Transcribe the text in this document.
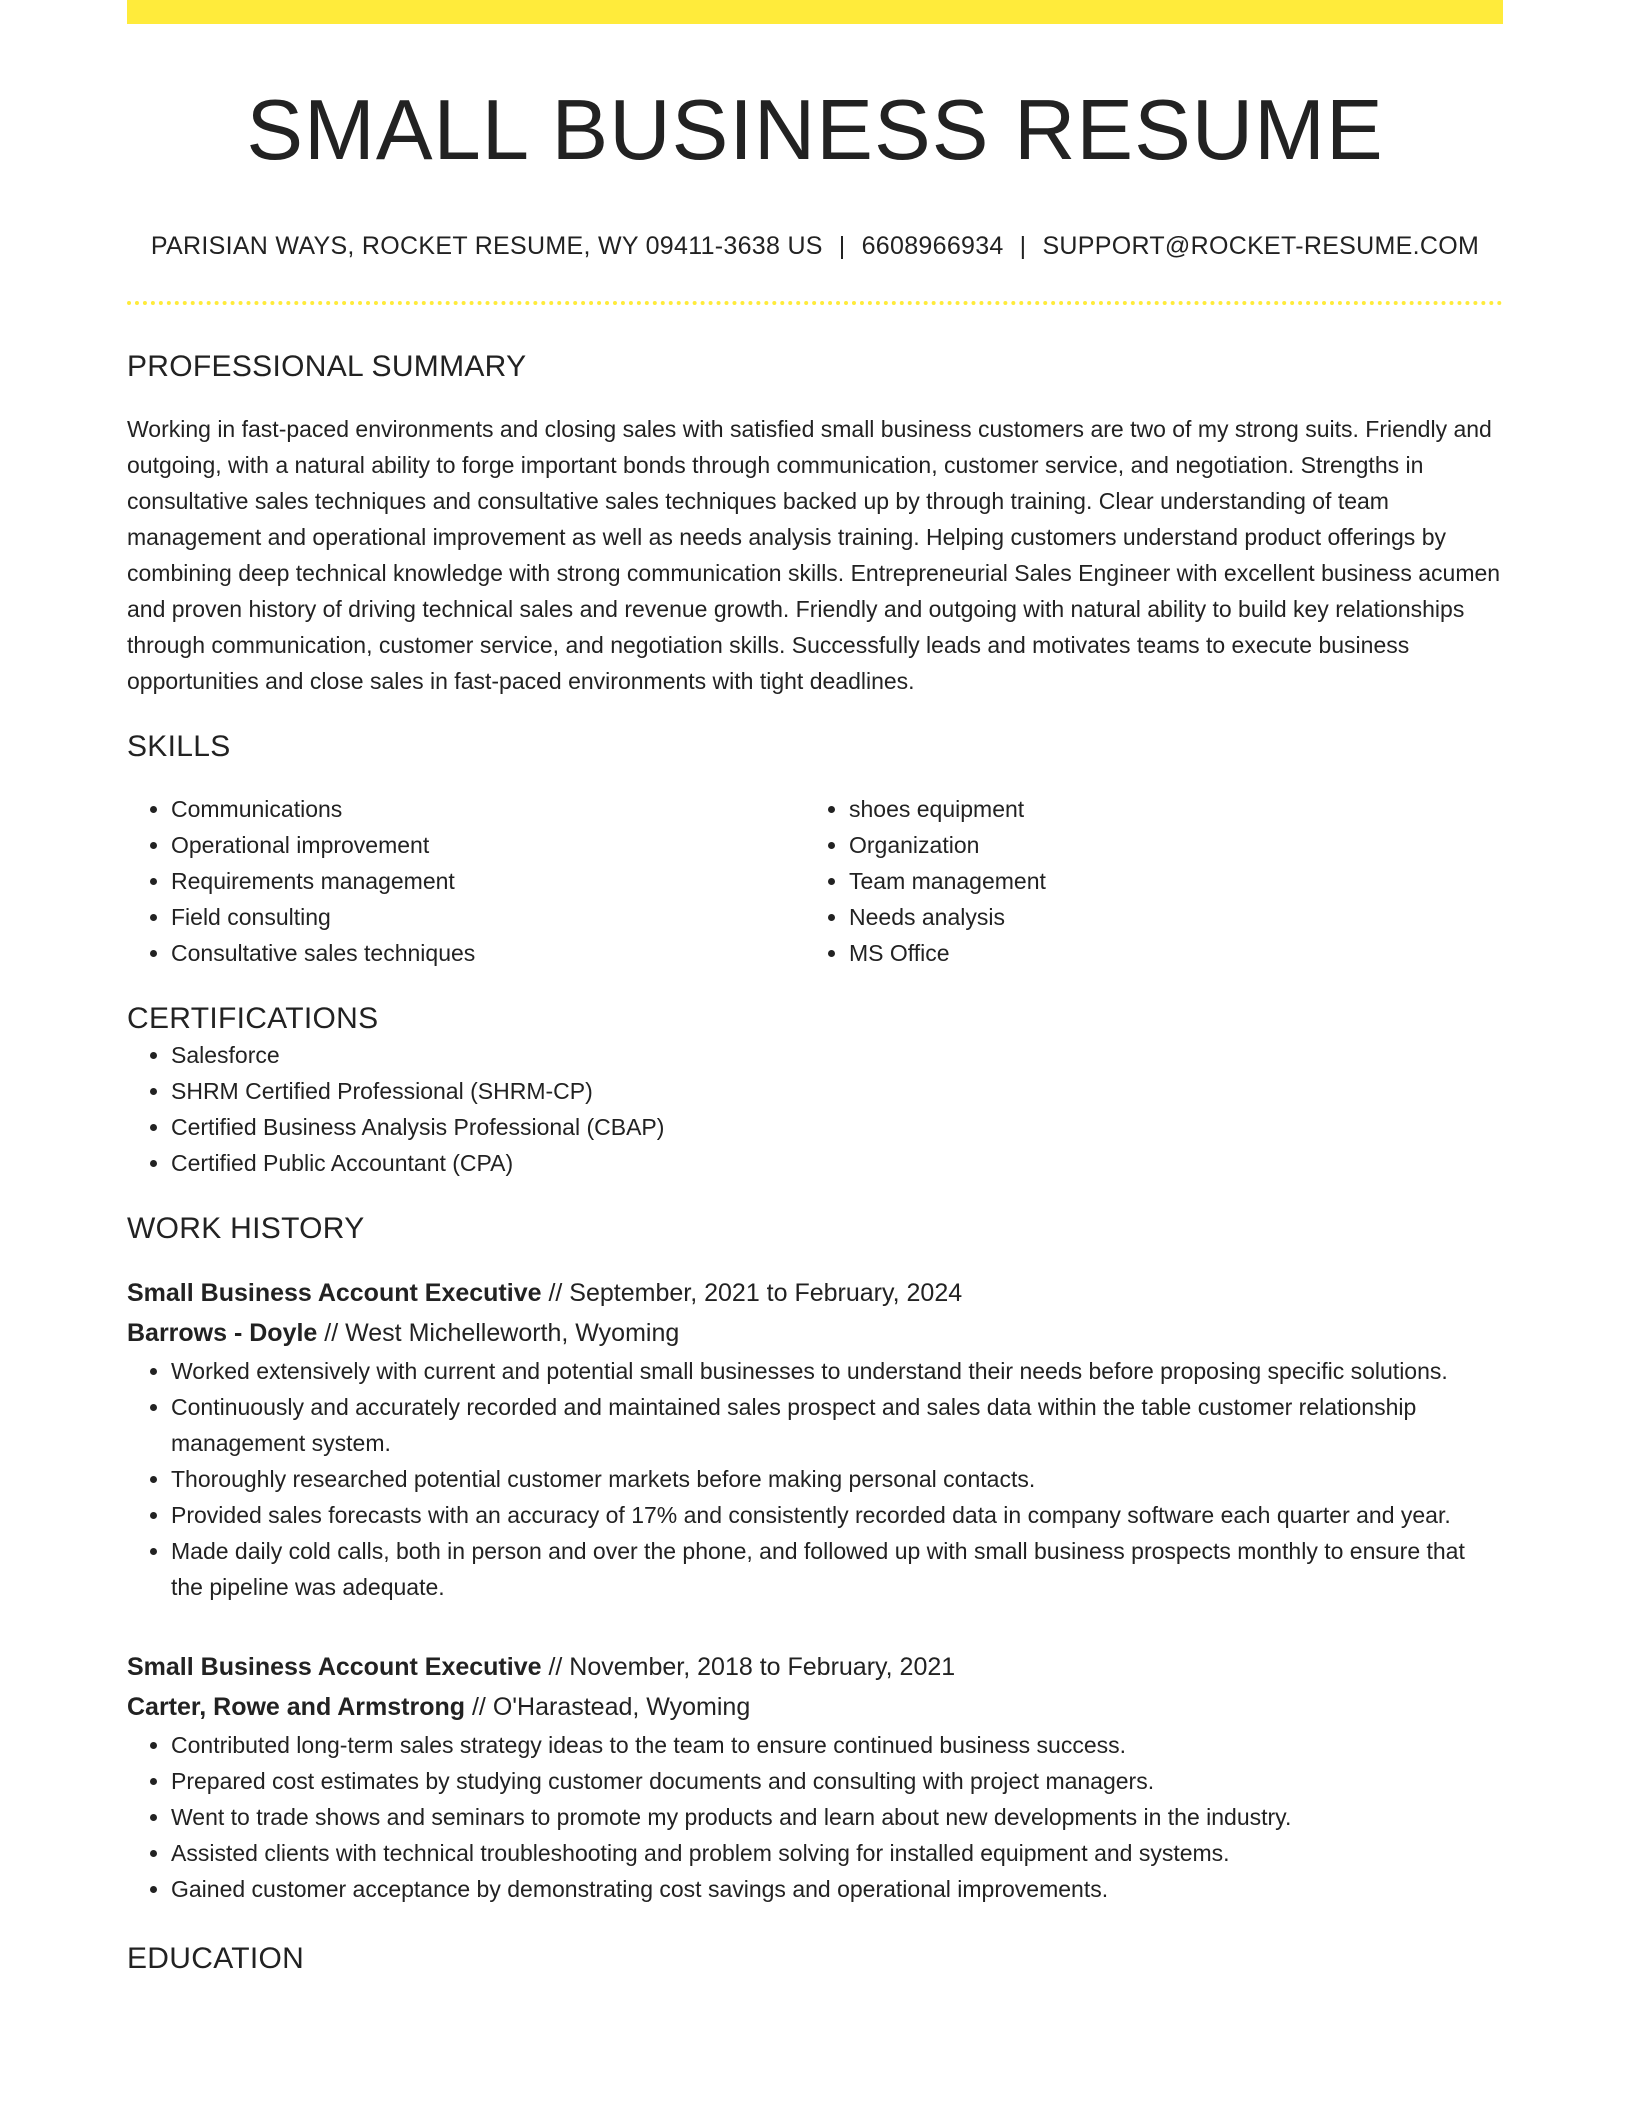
SMALL BUSINESS RESUME
PARISIAN WAYS, ROCKET RESUME, WY 09411-3638 US | 6608966934 | SUPPORT@ROCKET-RESUME.COM
PROFESSIONAL SUMMARY

Working in fast-paced environments and closing sales with satisfied small business customers are two of my strong suits. Friendly and outgoing, with a natural ability to forge important bonds through communication, customer service, and negotiation. Strengths in consultative sales techniques and consultative sales techniques backed up by through training. Clear understanding of team management and operational improvement as well as needs analysis training. Helping customers understand product offerings by combining deep technical knowledge with strong communication skills. Entrepreneurial Sales Engineer with excellent business acumen and proven history of driving technical sales and revenue growth. Friendly and outgoing with natural ability to build key relationships through communication, customer service, and negotiation skills. Successfully leads and motivates teams to execute business opportunities and close sales in fast-paced environments with tight deadlines.

SKILLS
• Communications
• Operational improvement
• Requirements management
• Field consulting
• Consultative sales techniques
• shoes equipment
• Organization
• Team management
• Needs analysis
• MS Office
CERTIFICATIONS
• Salesforce
• SHRM Certified Professional (SHRM-CP)
• Certified Business Analysis Professional (CBAP)
• Certified Public Accountant (CPA)
WORK HISTORY
Small Business Account Executive // September, 2021 to February, 2024
Barrows - Doyle // West Michelleworth, Wyoming
• Worked extensively with current and potential small businesses to understand their needs before proposing specific solutions.
• Continuously and accurately recorded and maintained sales prospect and sales data within the table customer relationship management system.
• Thoroughly researched potential customer markets before making personal contacts.
• Provided sales forecasts with an accuracy of 17% and consistently recorded data in company software each quarter and year.
• Made daily cold calls, both in person and over the phone, and followed up with small business prospects monthly to ensure that the pipeline was adequate.
Small Business Account Executive // November, 2018 to February, 2021
Carter, Rowe and Armstrong // O'Harastead, Wyoming
• Contributed long-term sales strategy ideas to the team to ensure continued business success.
• Prepared cost estimates by studying customer documents and consulting with project managers.
• Went to trade shows and seminars to promote my products and learn about new developments in the industry.
• Assisted clients with technical troubleshooting and problem solving for installed equipment and systems.
• Gained customer acceptance by demonstrating cost savings and operational improvements.
EDUCATION
